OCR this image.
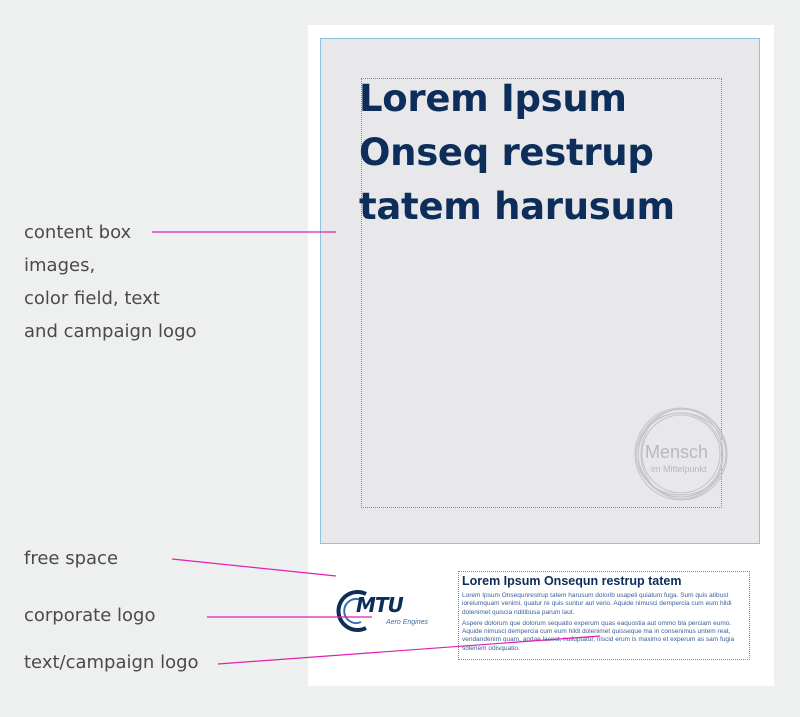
content box
images,
color field, text
and campaign logo
free space
corporate logo
text/campaign logo
Lorem Ipsum
Onseq restrup
tatem harusum
Mensch
im Mittelpunkt
MTU
Aero Engines

Lorem Ipsum Onsequn restrup tatem

Lorem Ipsum Onsequnrestrup tatem harusum dolorib usapeli quiatum fuga. Sum quis atibust ioreiumquam venimi, quatur re quis suntur aut verio. Aquide nimusci dempercia cum eum hildi dolenimet quiscia nditibusa parum laut.

Aspere dolorum que dolorum sequatio experum quas eaquostia aut ommo bla perciam eumo. Aquide nimusci dempercia cum eum hildi dolenimet quisseque ma in consenimus untem reat, vendandenim quam, andae lacest, nulluptatur, niscid erum is maximo et experum as sam fugia solenem odisquatio.
